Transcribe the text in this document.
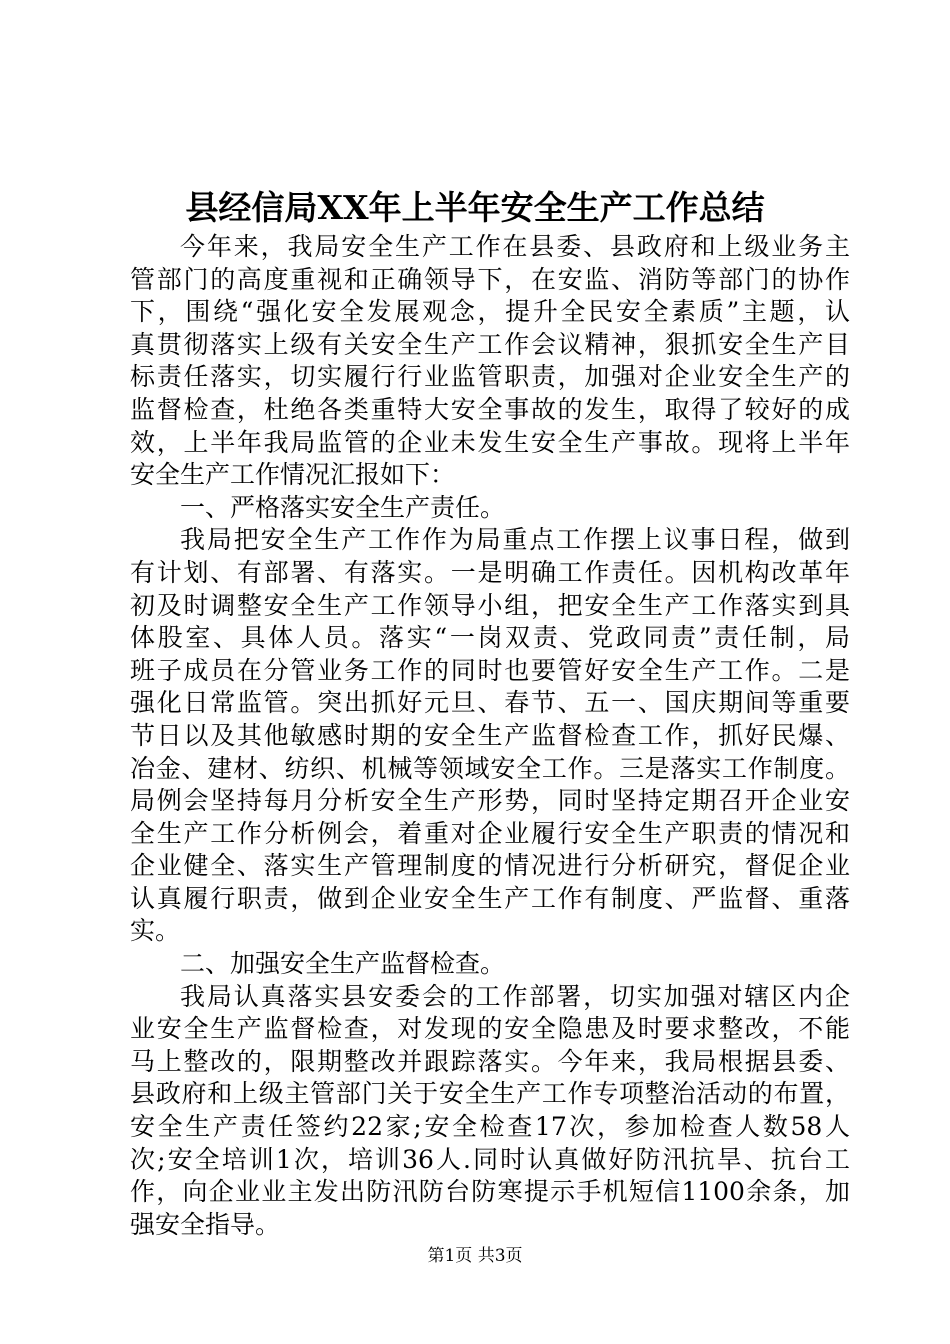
县经信局XX年上半年安全生产工作总结
今年来，我局安全生产工作在县委、县政府和上级业务主
管部门的高度重视和正确领导下，在安监、消防等部门的协作
下，围绕“强化安全发展观念，提升全民安全素质”主题，认
真贯彻落实上级有关安全生产工作会议精神，狠抓安全生产目
标责任落实，切实履行行业监管职责，加强对企业安全生产的
监督检查，杜绝各类重特大安全事故的发生，取得了较好的成
效，上半年我局监管的企业未发生安全生产事故。现将上半年
安全生产工作情况汇报如下：
一、严格落实安全生产责任。
我局把安全生产工作作为局重点工作摆上议事日程，做到
有计划、有部署、有落实。一是明确工作责任。因机构改革年
初及时调整安全生产工作领导小组，把安全生产工作落实到具
体股室、具体人员。落实“一岗双责、党政同责”责任制，局
班子成员在分管业务工作的同时也要管好安全生产工作。二是
强化日常监管。突出抓好元旦、春节、五一、国庆期间等重要
节日以及其他敏感时期的安全生产监督检查工作，抓好民爆、
冶金、建材、纺织、机械等领域安全工作。三是落实工作制度。
局例会坚持每月分析安全生产形势，同时坚持定期召开企业安
全生产工作分析例会，着重对企业履行安全生产职责的情况和
企业健全、落实生产管理制度的情况进行分析研究，督促企业
认真履行职责，做到企业安全生产工作有制度、严监督、重落
实。
二、加强安全生产监督检查。
我局认真落实县安委会的工作部署，切实加强对辖区内企
业安全生产监督检查，对发现的安全隐患及时要求整改，不能
马上整改的，限期整改并跟踪落实。今年来，我局根据县委、
县政府和上级主管部门关于安全生产工作专项整治活动的布置，
安全生产责任签约22家;安全检查17次，参加检查人数58人
次;安全培训1次，培训36人.同时认真做好防汛抗旱、抗台工
作，向企业业主发出防汛防台防寒提示手机短信1100余条，加
强安全指导。
第1页 共3页
